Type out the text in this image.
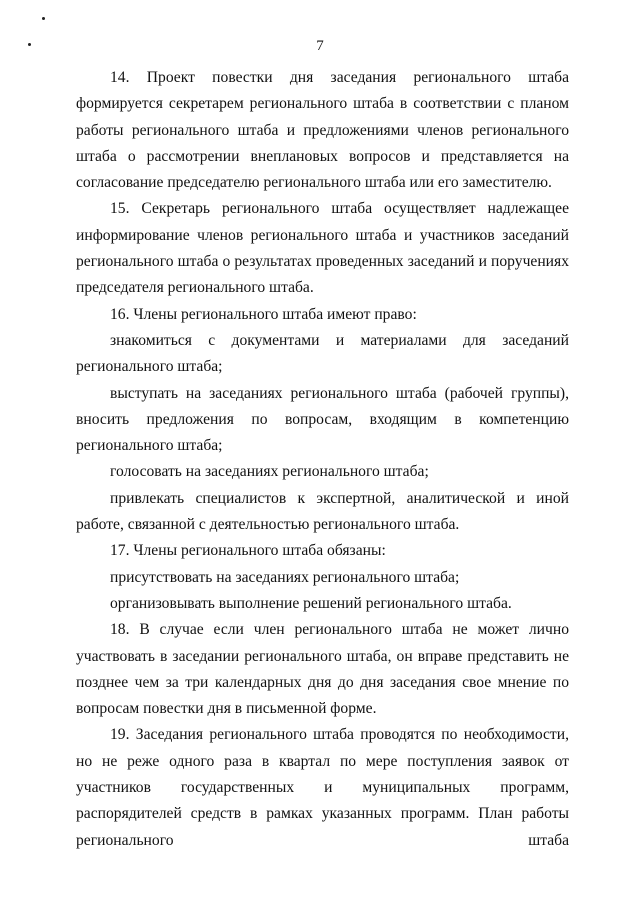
7

14. Проект повестки дня заседания регионального штаба формируется секретарем регионального штаба в соответствии с планом работы регионального штаба и предложениями членов регионального штаба о рассмотрении внеплановых вопросов и представляется на согласование председателю регионального штаба или его заместителю.

15. Секретарь регионального штаба осуществляет надлежащее информирование членов регионального штаба и участников заседаний регионального штаба о результатах проведенных заседаний и поручениях председателя регионального штаба.

16. Члены регионального штаба имеют право:

знакомиться с документами и материалами для заседаний регионального штаба;

выступать на заседаниях регионального штаба (рабочей группы), вносить предложения по вопросам, входящим в компетенцию регионального штаба;

голосовать на заседаниях регионального штаба;

привлекать специалистов к экспертной, аналитической и иной работе, связанной с деятельностью регионального штаба.

17. Члены регионального штаба обязаны:

присутствовать на заседаниях регионального штаба;

организовывать выполнение решений регионального штаба.

18. В случае если член регионального штаба не может лично участвовать в заседании регионального штаба, он вправе представить не позднее чем за три календарных дня до дня заседания свое мнение по вопросам повестки дня в письменной форме.

19. Заседания регионального штаба проводятся по необходимости, но не реже одного раза в квартал по мере поступления заявок от участников государственных и муниципальных программ, распорядителей средств в рамках указанных программ. План работы регионального штаба
